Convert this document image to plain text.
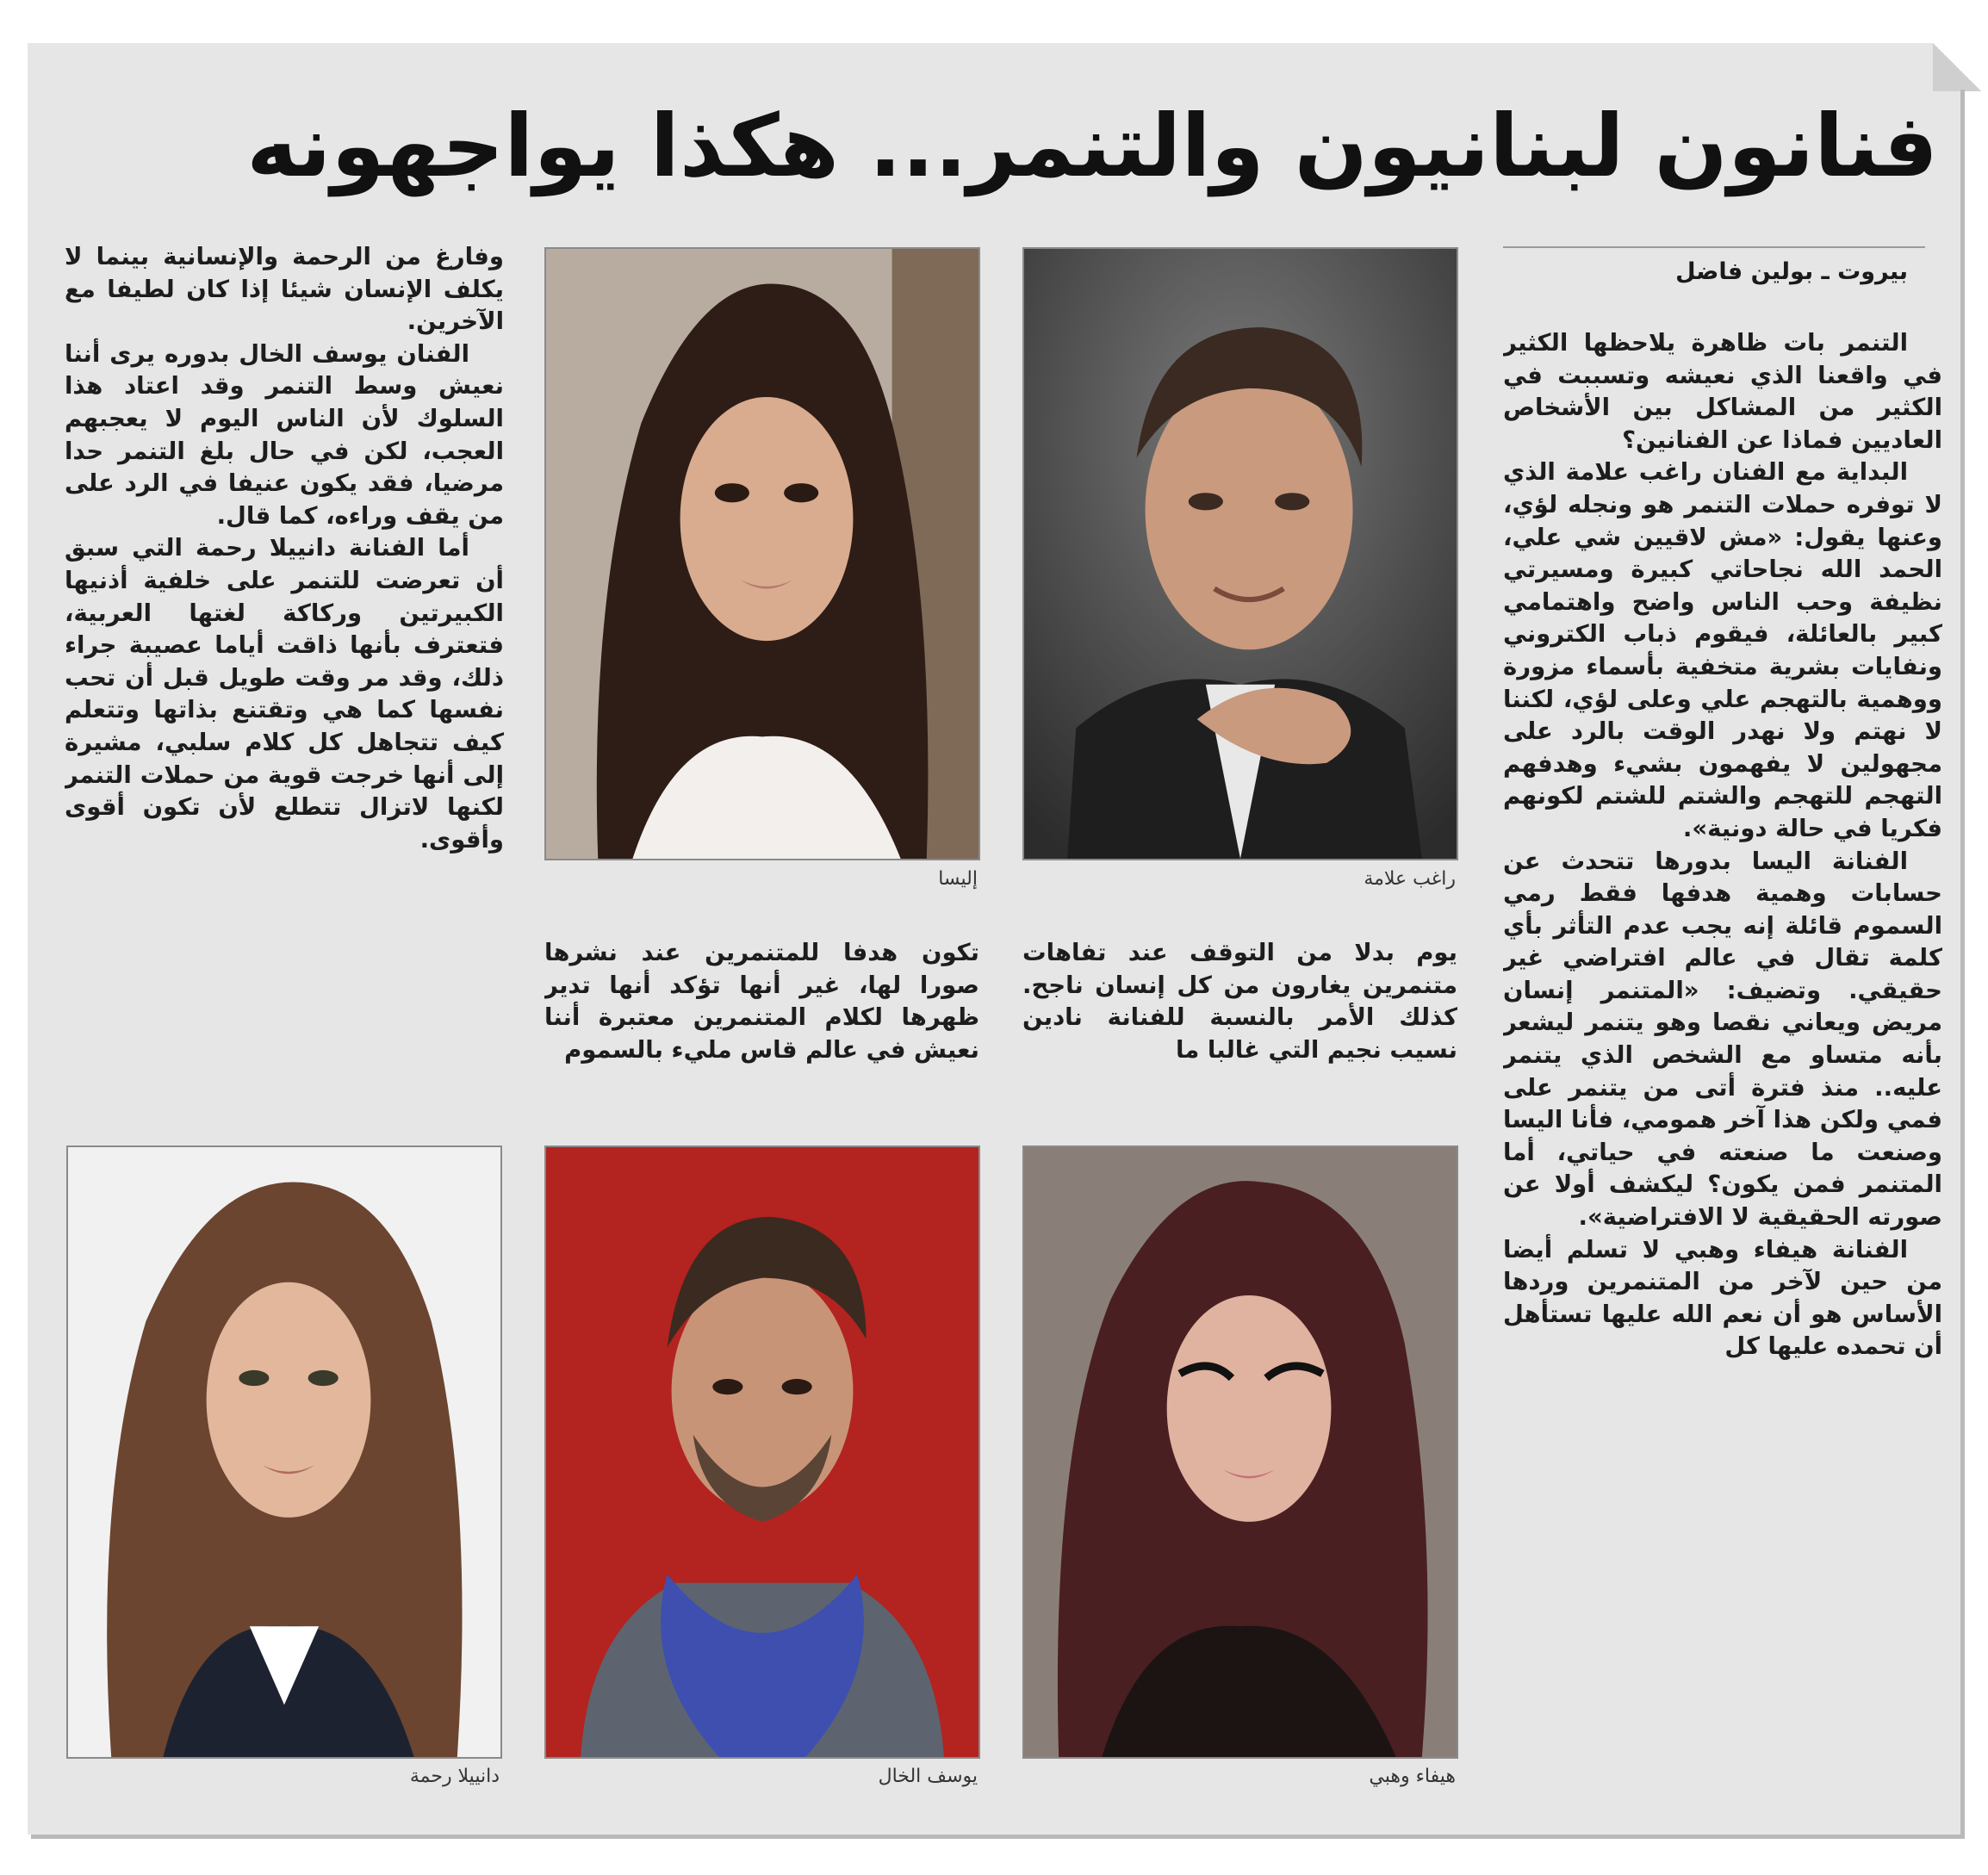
فنانون لبنانيون والتنمر... هكذا يواجهونه
بيروت ـ بولين فاضل

التنمر بات ظاهرة يلاحظها الكثير في واقعنا الذي نعيشه وتسببت في الكثير من المشاكل بين الأشخاص العاديين فماذا عن الفنانين؟

البداية مع الفنان راغب علامة الذي لا توفره حملات التنمر هو ونجله لؤي، وعنها يقول: «مش لاقيين شي علي، الحمد الله نجاحاتي كبيرة ومسيرتي نظيفة وحب الناس واضح واهتمامي كبير بالعائلة، فيقوم ذباب الكتروني ونفايات بشرية متخفية بأسماء مزورة ووهمية بالتهجم علي وعلى لؤي، لكننا لا نهتم ولا نهدر الوقت بالرد على مجهولين لا يفهمون بشيء وهدفهم التهجم للتهجم والشتم للشتم لكونهم فكريا في حالة دونية».

الفنانة اليسا بدورها تتحدث عن حسابات وهمية هدفها فقط رمي السموم قائلة إنه يجب عدم التأثر بأي كلمة تقال في عالم افتراضي غير حقيقي. وتضيف: «المتنمر إنسان مريض ويعاني نقصا وهو يتنمر ليشعر بأنه متساو مع الشخص الذي يتنمر عليه.. منذ فترة أتى من يتنمر على فمي ولكن هذا آخر همومي، فأنا اليسا وصنعت ما صنعته في حياتي، أما المتنمر فمن يكون؟ ليكشف أولا عن صورته الحقيقية لا الافتراضية».

الفنانة هيفاء وهبي لا تسلم أيضا من حين لآخر من المتنمرين وردها الأساس هو أن نعم الله عليها تستأهل أن تحمده عليها كل

وفارغ من الرحمة والإنسانية بينما لا يكلف الإنسان شيئا إذا كان لطيفا مع الآخرين.

الفنان يوسف الخال بدوره يرى أننا نعيش وسط التنمر وقد اعتاد هذا السلوك لأن الناس اليوم لا يعجبهم العجب، لكن في حال بلغ التنمر حدا مرضيا، فقد يكون عنيفا في الرد على من يقف وراءه، كما قال.

أما الفنانة دانييلا رحمة التي سبق أن تعرضت للتنمر على خلفية أذنيها الكبيرتين وركاكة لغتها العربية، فتعترف بأنها ذاقت أياما عصيبة جراء ذلك، وقد مر وقت طويل قبل أن تحب نفسها كما هي وتقتنع بذاتها وتتعلم كيف تتجاهل كل كلام سلبي، مشيرة إلى أنها خرجت قوية من حملات التنمر لكنها لاتزال تتطلع لأن تكون أقوى وأقوى.

يوم بدلا من التوقف عند تفاهات متنمرين يغارون من كل إنسان ناجح. كذلك الأمر بالنسبة للفنانة نادين نسيب نجيم التي غالبا ما

تكون هدفا للمتنمرين عند نشرها صورا لها، غير أنها تؤكد أنها تدير ظهرها لكلام المتنمرين معتبرة أننا نعيش في عالم قاس مليء بالسموم

راغب علامة
إليسا
هيفاء وهبي
يوسف الخال
دانييلا رحمة
